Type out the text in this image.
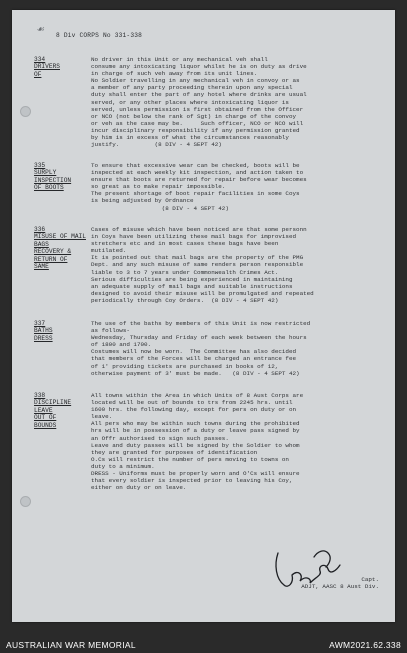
☙
8 Div CORPS No 331-338
334
DRIVERS
OF
No driver in this Unit or any mechanical veh shall
consume any intoxicating liquor whilst he is on duty as drive
in charge of such veh away from its unit lines.
No Soldier travelling in any mechanical veh in convoy or as
a member of any party proceeding therein upon any special
duty shall enter the part of any hotel where drinks are usual
served, or any other places where intoxicating liquor is
served, unless permission is first obtained from the Officer
or NCO (not below the rank of Sgt) in charge of the convoy
or veh as the case may be.     Such officer, NCO or NCO will
incur disciplinary responsibility if any permission granted
by him is in excess of what the circumstances reasonably
justify.          (8 DIV - 4 SEPT 42)
335
SURPLY
INSPECTION
OF BOOTS
To ensure that excessive wear can be checked, boots will be
inspected at each weekly kit inspection, and action taken to
ensure that boots are returned for repair before wear becomes
so great as to make repair impossible.
The present shortage of boot repair facilities in some Coys
is being adjusted by Ordnance
(8 DIV - 4 SEPT 42)
336
MISUSE OF MAIL
BAGS
RECOVERY &
RETURN OF
SAME
Cases of misuse which have been noticed are that some personn
in Coys have been utilizing these mail bags for improvised
stretchers etc and in most cases these bags have been
mutilated.
It is pointed out that mail bags are the property of the PMG
Dept. and any such misuse of same renders person responsible
liable to 3 to 7 years under Commonwealth Crimes Act.
Serious difficulties are being experienced in maintaining
an adequate supply of mail bags and suitable instructions
designed to avoid their misuse will be promulgated and repeated
periodically through Coy Orders.  (8 DIV - 4 SEPT 42)
337
BATHS
DRESS
The use of the baths by members of this Unit is now restricted
as follows-
Wednesday, Thursday and Friday of each week between the hours
of 1800 and 1700.
Costumes will now be worn.  The Committee has also decided
that members of the Forces will be charged an entrance fee
of 1' providing tickets are purchased in books of 12,
otherwise payment of 3' must be made.   (8 DIV - 4 SEPT 42)
338
DISCIPLINE
LEAVE
OUT OF
BOUNDS
All towns within the Area in which Units of 8 Aust Corps are
located will be out of bounds to trs from 2245 hrs. until
1600 hrs. the following day, except for pers on duty or on
leave.
All pers who may be within such towns during the prohibited
hrs will be in possession of a duty or leave pass signed by
an Offr authorised to sign such passes.
Leave and duty passes will be signed by the Soldier to whom
they are granted for purposes of identification
O.Cs will restrict the number of pers moving to towns on
duty to a minimum.
DRESS - Uniforms must be properly worn and O'Cs will ensure
that every soldier is inspected prior to leaving his Coy,
either on duty or on leave.
Capt.
ADJT, AASC 8 Aust Div.
AUSTRALIAN WAR MEMORIAL	AWM2021.62.338
